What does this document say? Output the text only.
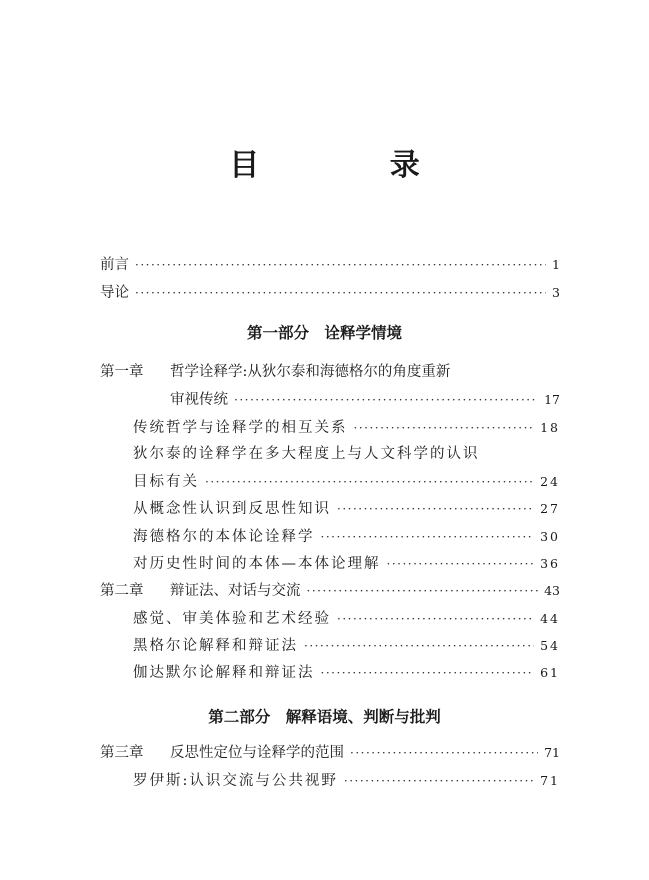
目 录
前言 ·····	1
导论 ·····	3
第一部分　诠释学情境
第一章 哲学诠释学:从狄尔泰和海德格尔的角度重新
审视传统 ·····	17
传统哲学与诠释学的相互关系 ·····	18
狄尔泰的诠释学在多大程度上与人文科学的认识
目标有关 ·····	24
从概念性认识到反思性知识 ·····	27
海德格尔的本体论诠释学 ·····	30
对历史性时间的本体—本体论理解 ·····	36
第二章 辩证法、对话与交流 ·····	43
感觉、审美体验和艺术经验 ·····	44
黑格尔论解释和辩证法 ·····	54
伽达默尔论解释和辩证法 ·····	61
第二部分　解释语境、判断与批判
第三章 反思性定位与诠释学的范围 ·····	71
罗伊斯:认识交流与公共视野 ·····	71
